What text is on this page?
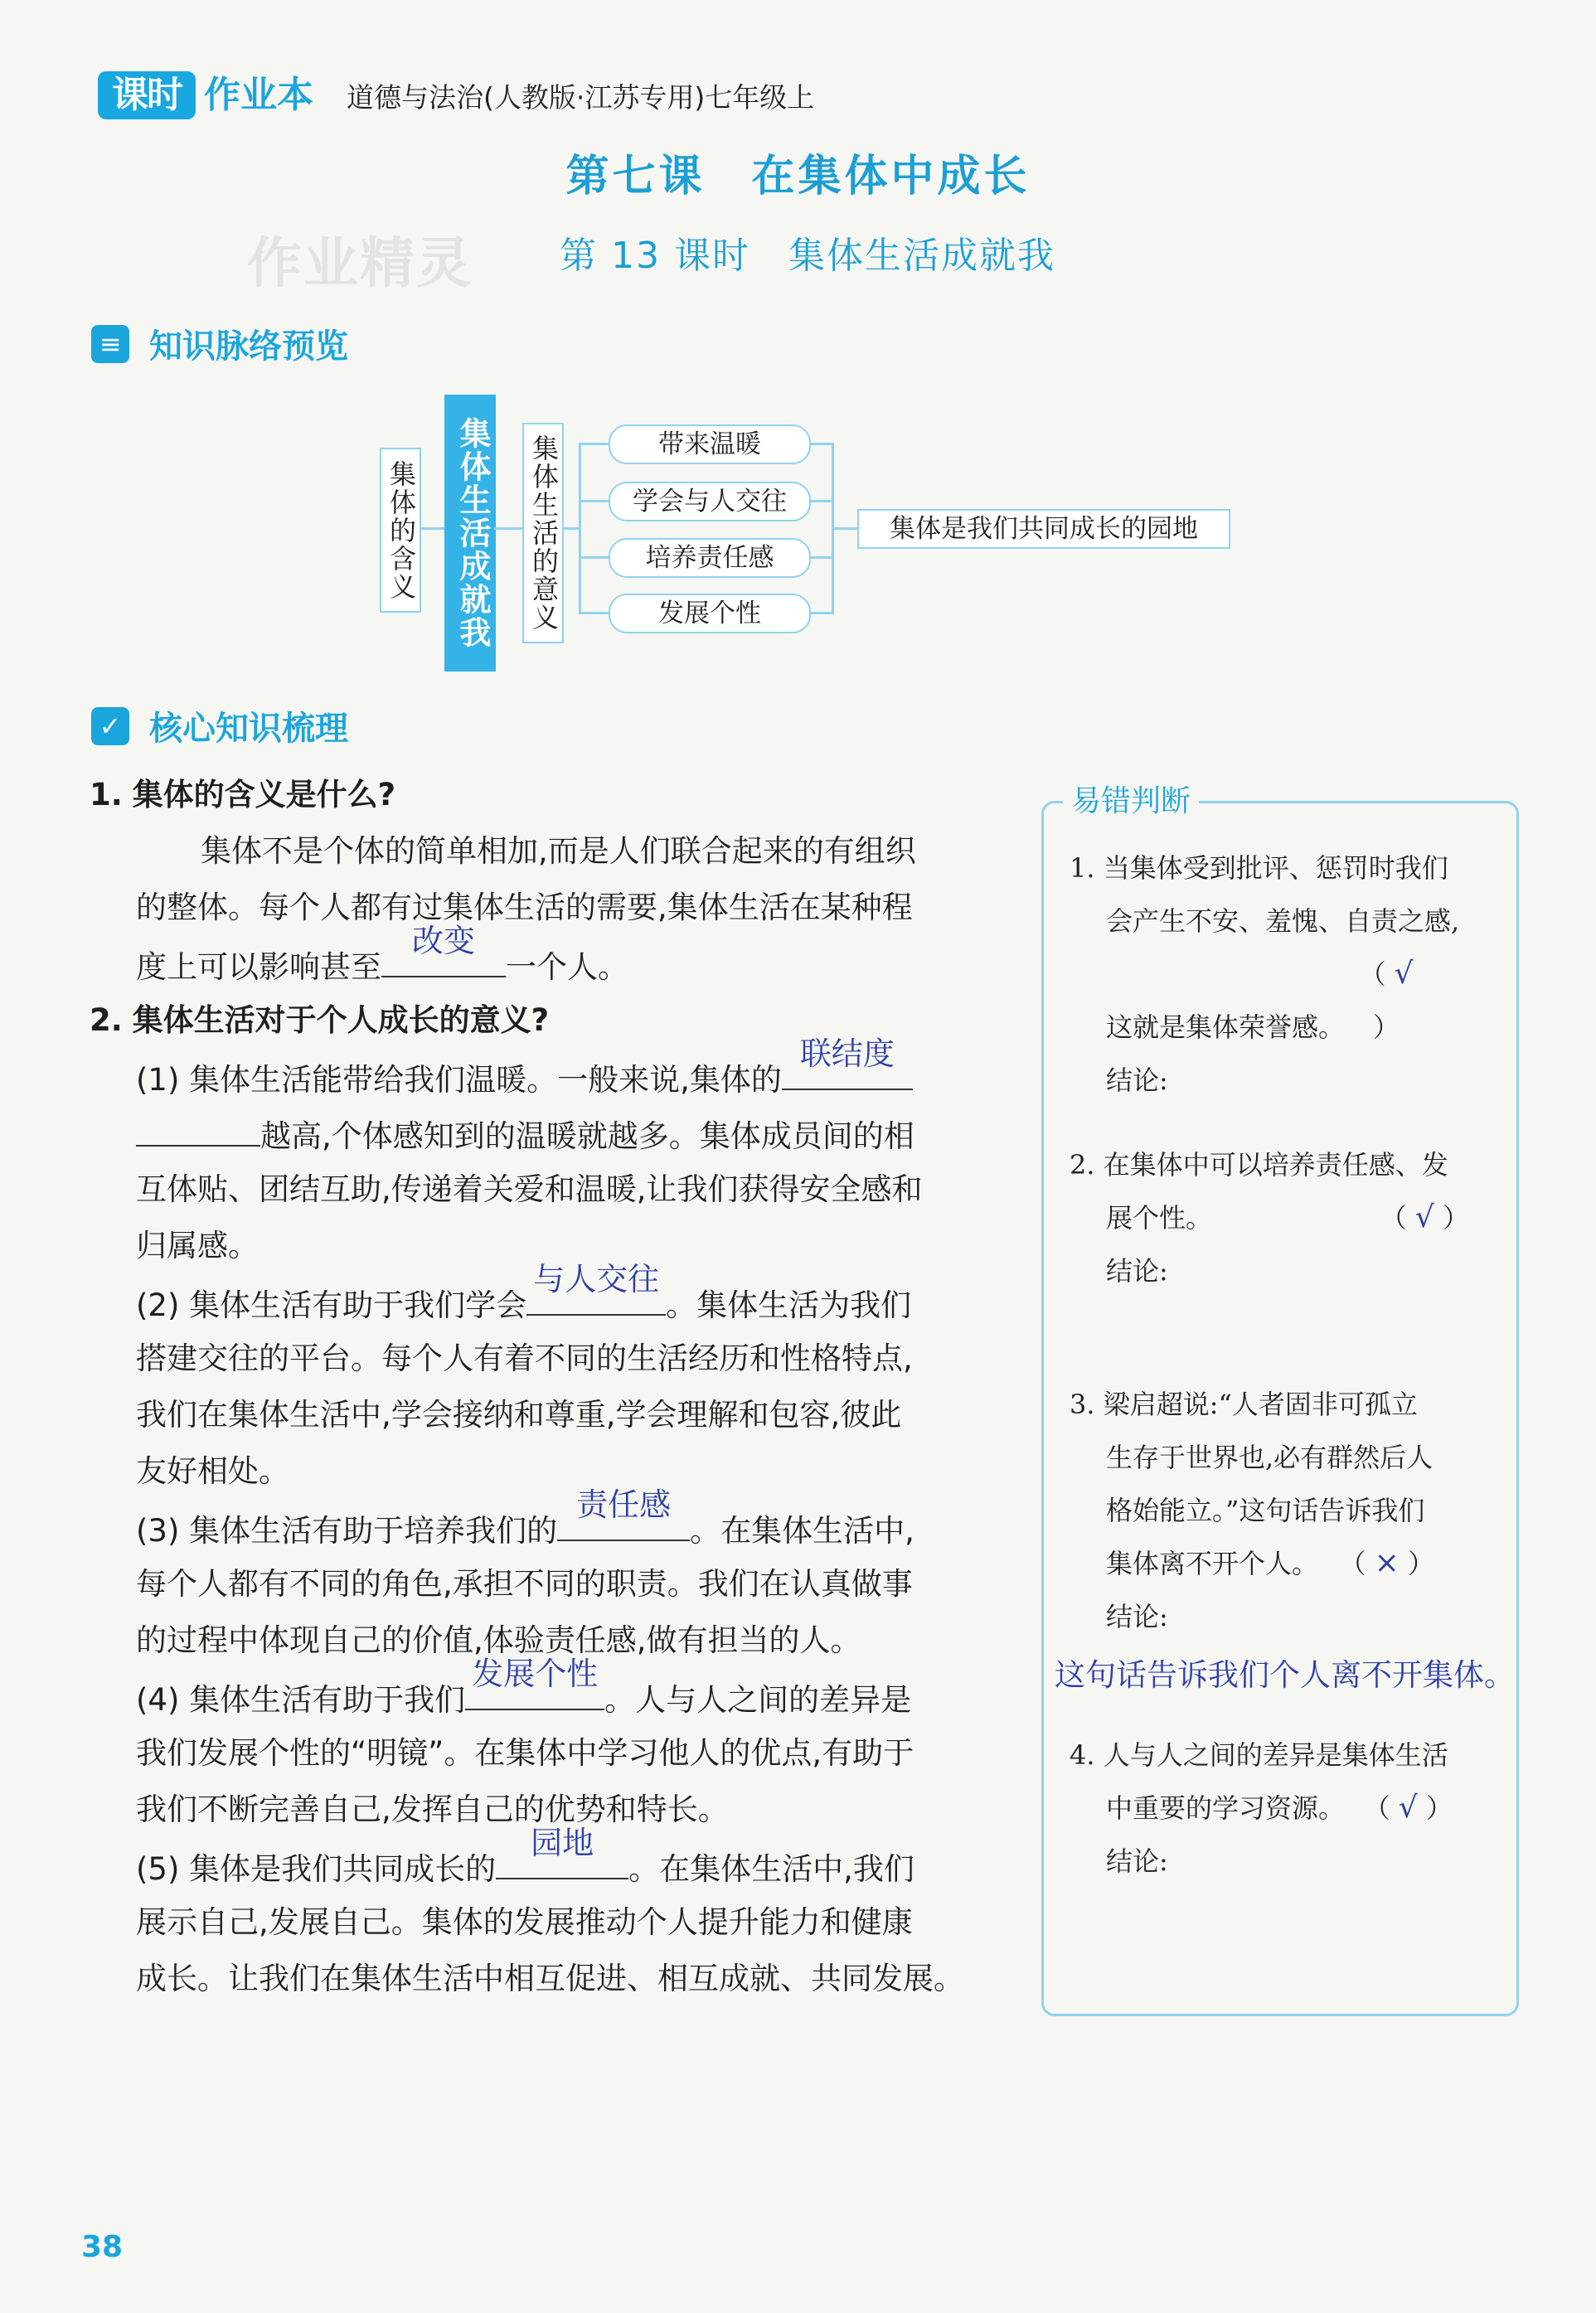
课时 作业本 道德与法治(人教版·江苏专用)七年级上
第七课　在集体中成长
作业精灵 第 13 课时　集体生活成就我
≡ 知识脉络预览
集体的含义	集体生活成就我 集体生活的意义	带来温暖
学会与人交往
培养责任感
发展个性
集体是我们共同成长的园地
✓ 核心知识梳理
1. 集体的含义是什么?
集体不是个体的简单相加,而是人们联合起来的有组织
的整体。每个人都有过集体生活的需要,集体生活在某种程
度上可以影响甚至
改变
一个人。
2. 集体生活对于个人成长的意义?
(1) 集体生活能带给我们温暖。一般来说,集体的
联结度
越高,个体感知到的温暖就越多。集体成员间的相
互体贴、团结互助,传递着关爱和温暖,让我们获得安全感和
归属感。
(2) 集体生活有助于我们学会
与人交往
。集体生活为我们
搭建交往的平台。每个人有着不同的生活经历和性格特点,
我们在集体生活中,学会接纳和尊重,学会理解和包容,彼此
友好相处。
(3) 集体生活有助于培养我们的
责任感
。在集体生活中,
每个人都有不同的角色,承担不同的职责。我们在认真做事
的过程中体现自己的价值,体验责任感,做有担当的人。
(4) 集体生活有助于我们
发展个性
。人与人之间的差异是
我们发展个性的“明镜”。在集体中学习他人的优点,有助于
我们不断完善自己,发挥自己的优势和特长。
(5) 集体是我们共同成长的
园地
。在集体生活中,我们
展示自己,发展自己。集体的发展推动个人提升能力和健康
成长。让我们在集体生活中相互促进、相互成就、共同发展。
易错判断
1. 当集体受到批评、惩罚时我们
会产生不安、羞愧、自责之感,
这就是集体荣誉感。（ √ ）
结论:
2. 在集体中可以培养责任感、发
展个性。	（ √ ）
结论:
3. 梁启超说:“人者固非可孤立
生存于世界也,必有群然后人
格始能立。”这句话告诉我们
集体离不开个人。 （ × ）
结论:
这句话告诉我们个人离不开集体。
4. 人与人之间的差异是集体生活
中重要的学习资源。 （ √ ）
结论:
38
